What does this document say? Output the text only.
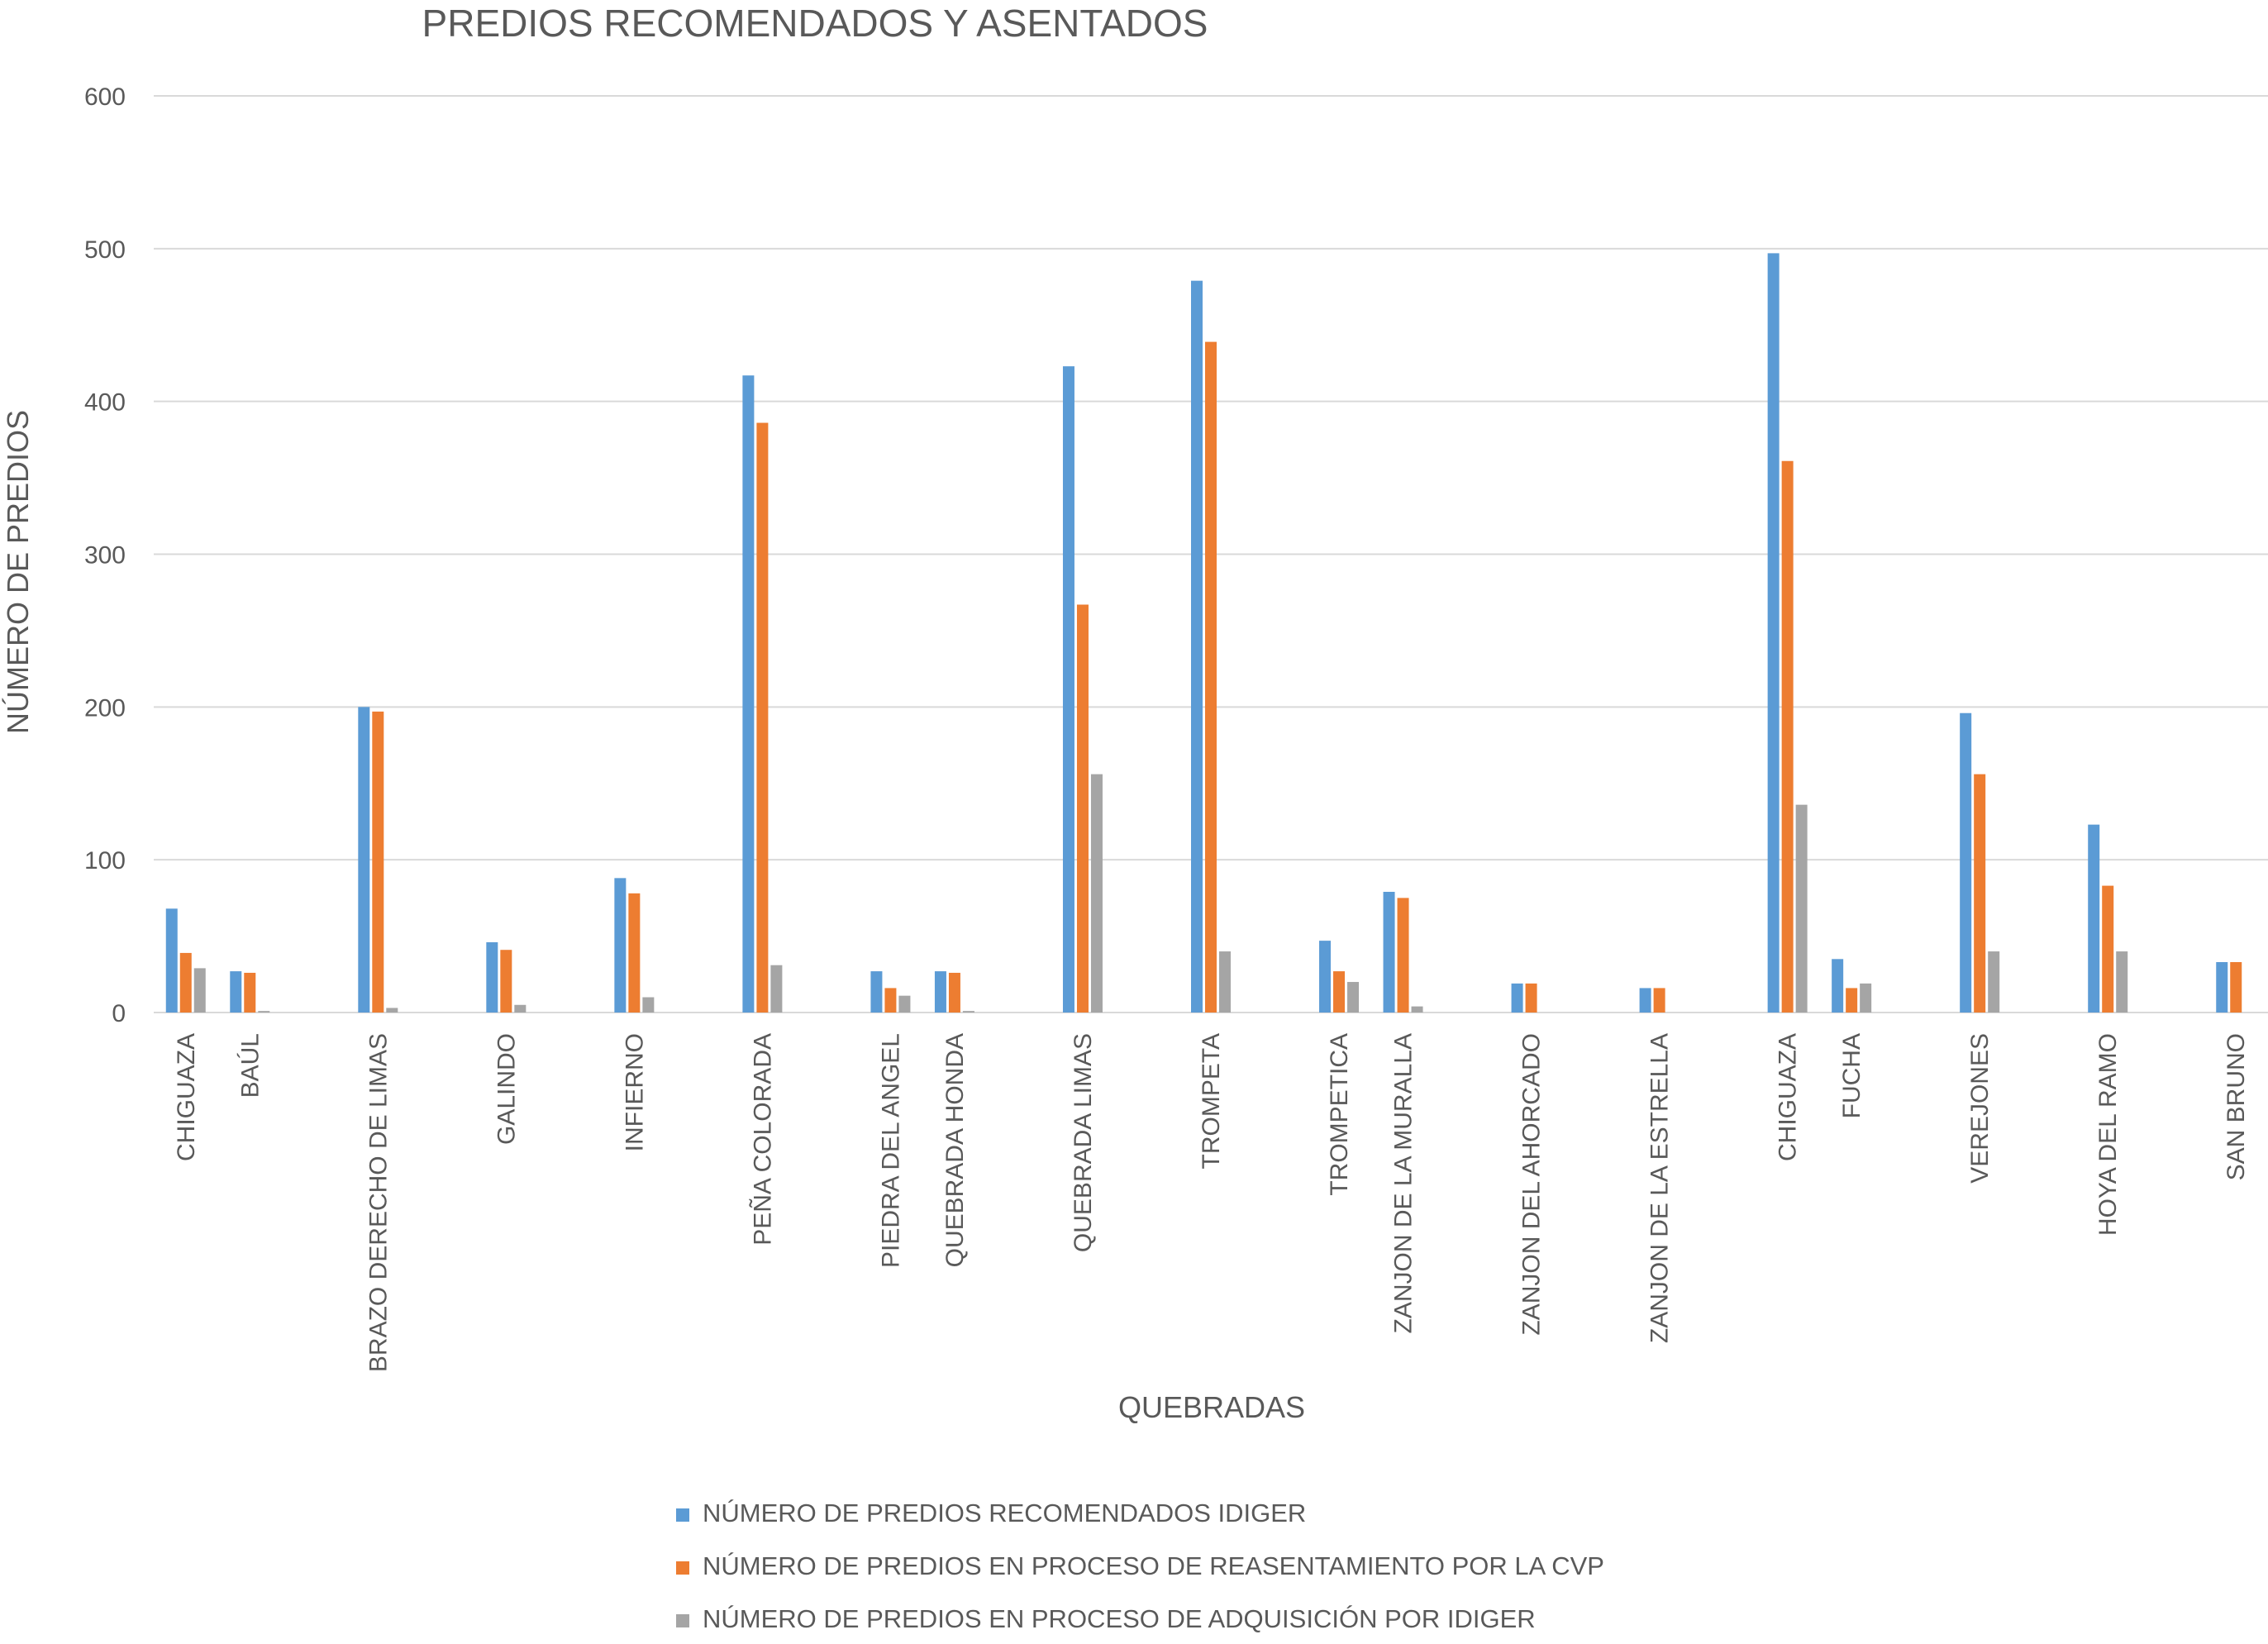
PREDIOS RECOMENDADOS Y ASENTADOS
0
100
200
300
400
500
600
NÚMERO DE PREDIOS
CHIGUAZA BAÚL	BRAZO DERECHO DE LIMAS	GALINDO	INFIERNO	PEÑA COLORADA	PIEDRA DEL ANGEL QUEBRADA HONDA	QUEBRADA LIMAS	TROMPETA	TROMPETICA ZANJON DE LA MURALLA	ZANJON DEL AHORCADO	ZANJON DE LA ESTRELLA	CHIGUAZA FUCHA	VEREJONES	HOYA DEL RAMO	SAN BRUNO
QUEBRADAS
NÚMERO DE PREDIOS RECOMENDADOS IDIGER
NÚMERO DE PREDIOS EN PROCESO DE REASENTAMIENTO POR LA CVP
NÚMERO DE PREDIOS EN PROCESO DE ADQUISICIÓN POR IDIGER
